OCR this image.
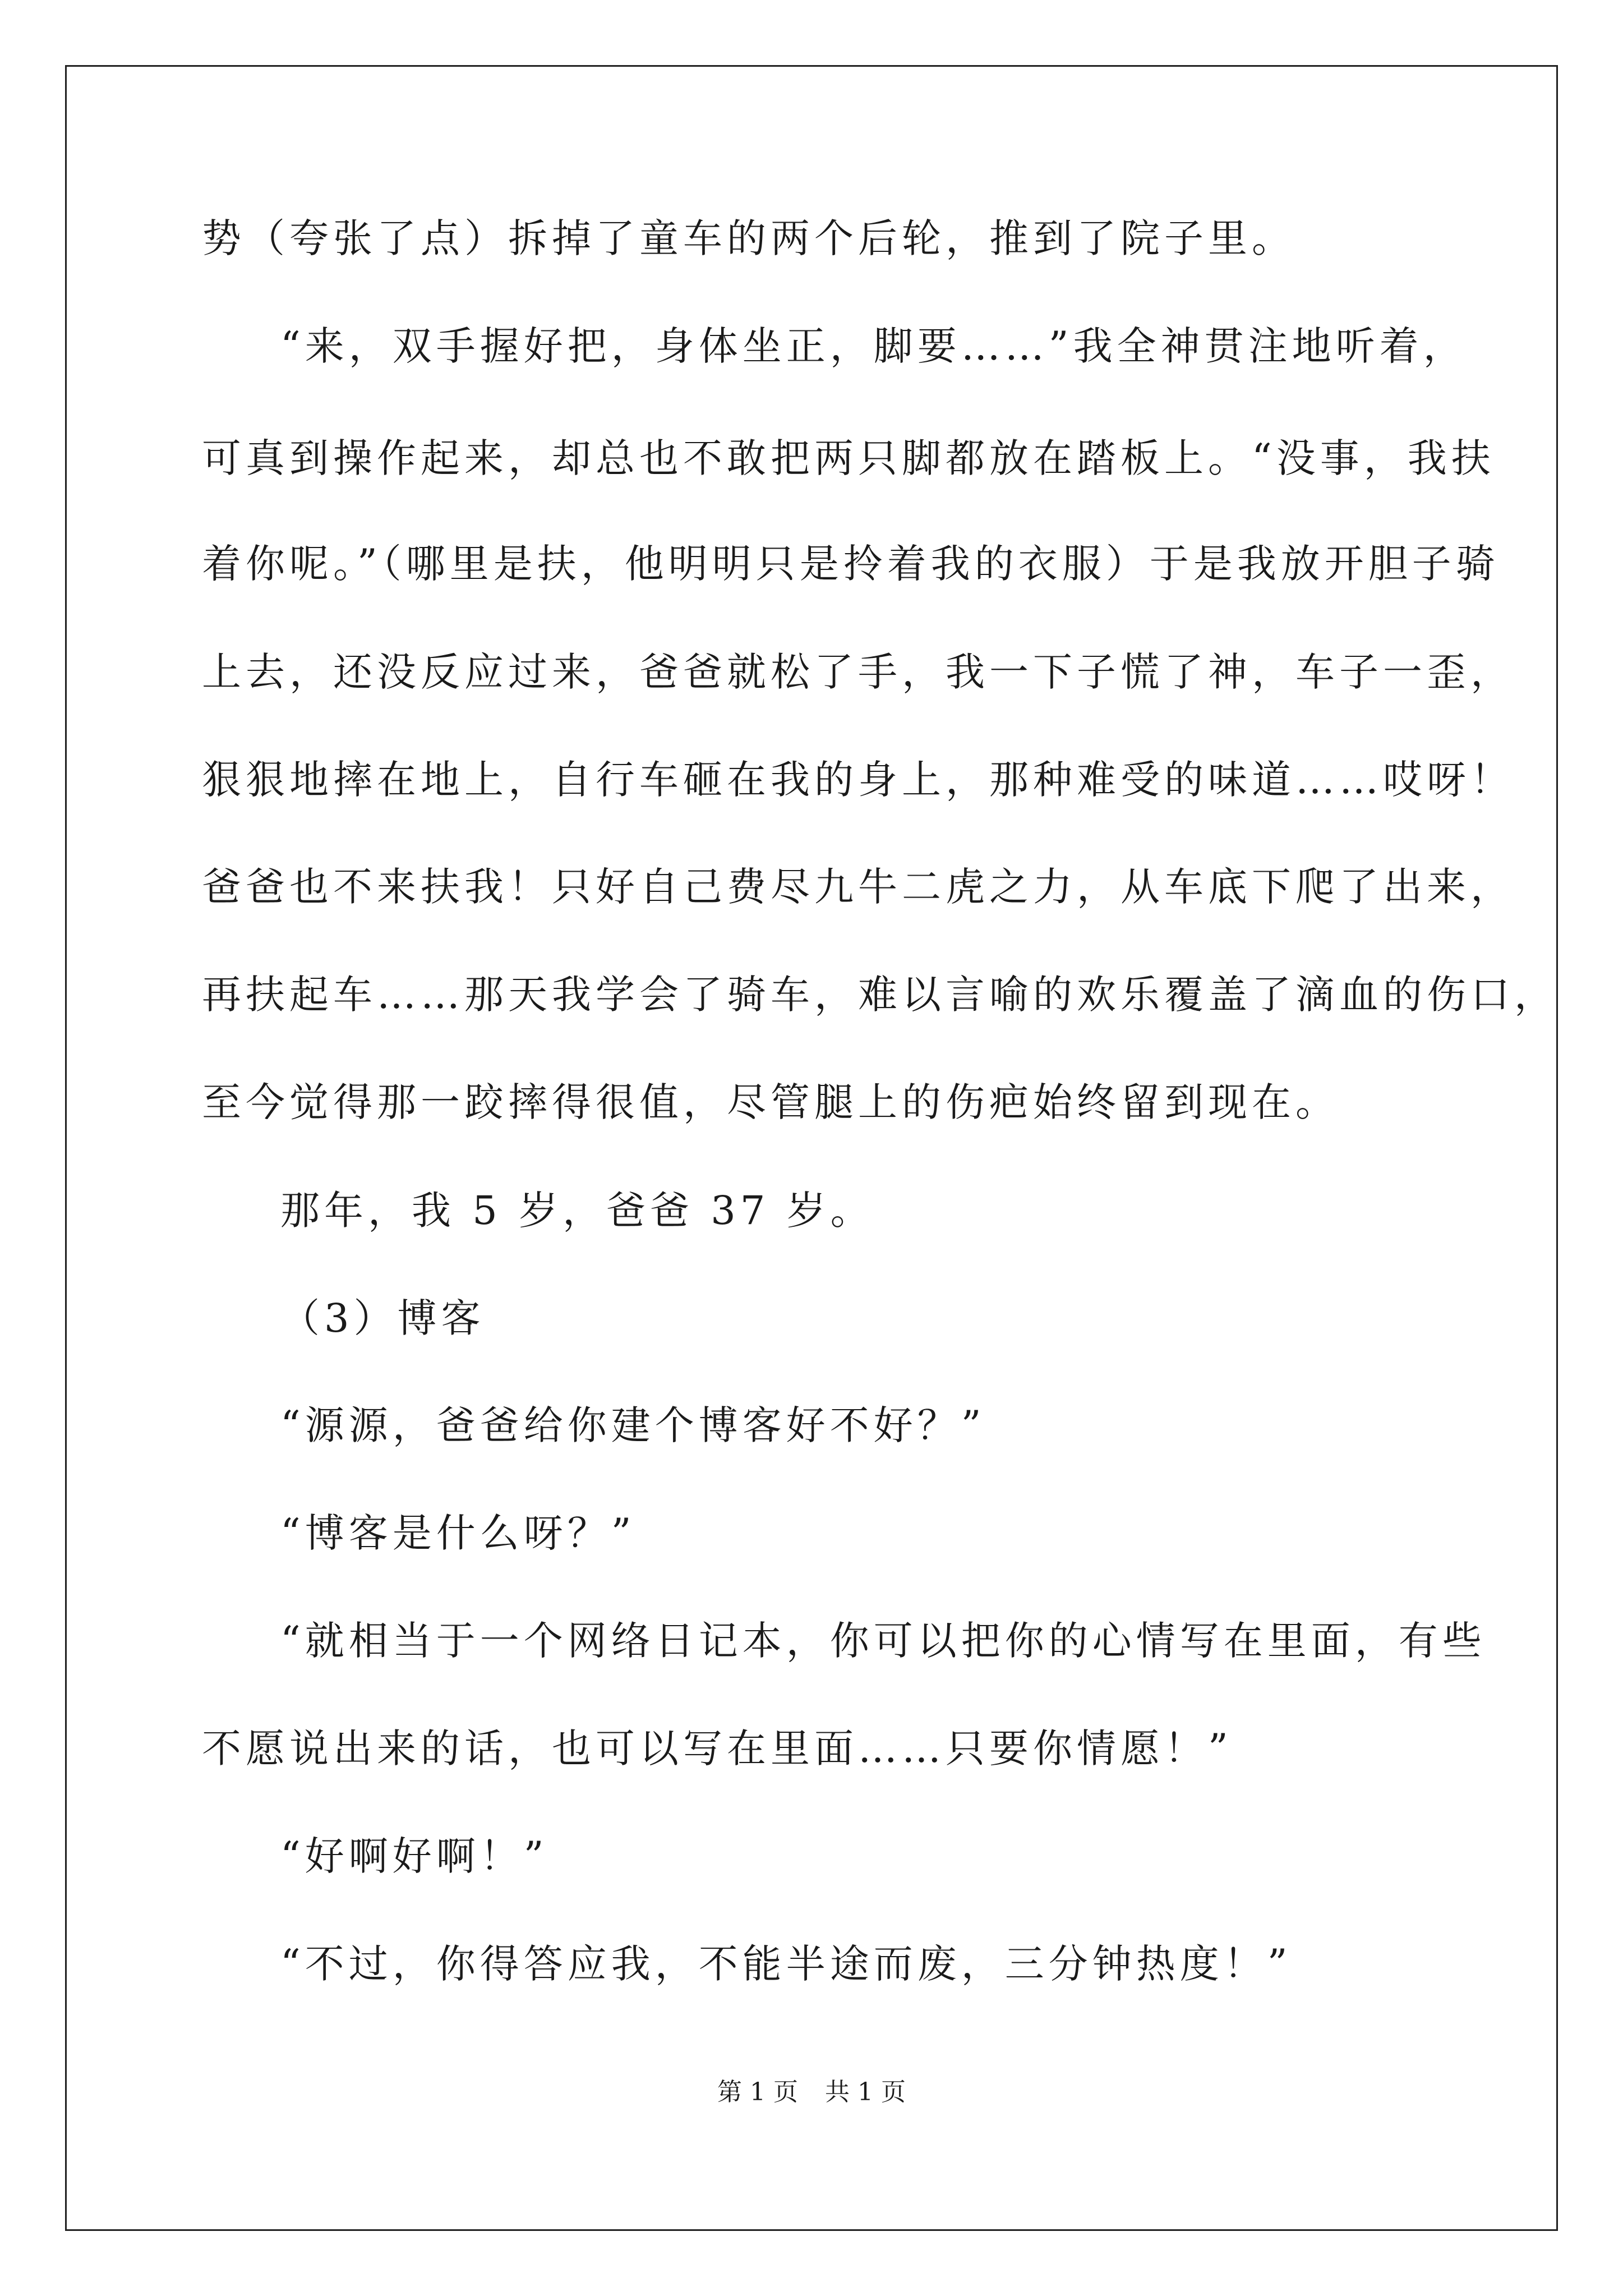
势（夸张了点）拆掉了童车的两个后轮，推到了院子里。
“来，双手握好把，身体坐正，脚要……”我全神贯注地听着，
可真到操作起来，却总也不敢把两只脚都放在踏板上。“没事，我扶
着你呢。”（哪里是扶，他明明只是拎着我的衣服）于是我放开胆子骑
上去，还没反应过来，爸爸就松了手，我一下子慌了神，车子一歪，
狠狠地摔在地上，自行车砸在我的身上，那种难受的味道……哎呀！
爸爸也不来扶我！只好自己费尽九牛二虎之力，从车底下爬了出来，
再扶起车……那天我学会了骑车，难以言喻的欢乐覆盖了滴血的伤口，
至今觉得那一跤摔得很值，尽管腿上的伤疤始终留到现在。
那年，我 5 岁，爸爸 37 岁。
（3）博客
“源源，爸爸给你建个博客好不好？”
“博客是什么呀？”
“就相当于一个网络日记本，你可以把你的心情写在里面，有些
不愿说出来的话，也可以写在里面……只要你情愿！”
“好啊好啊！”
“不过，你得答应我，不能半途而废，三分钟热度！”
第 1 页 共 1 页
